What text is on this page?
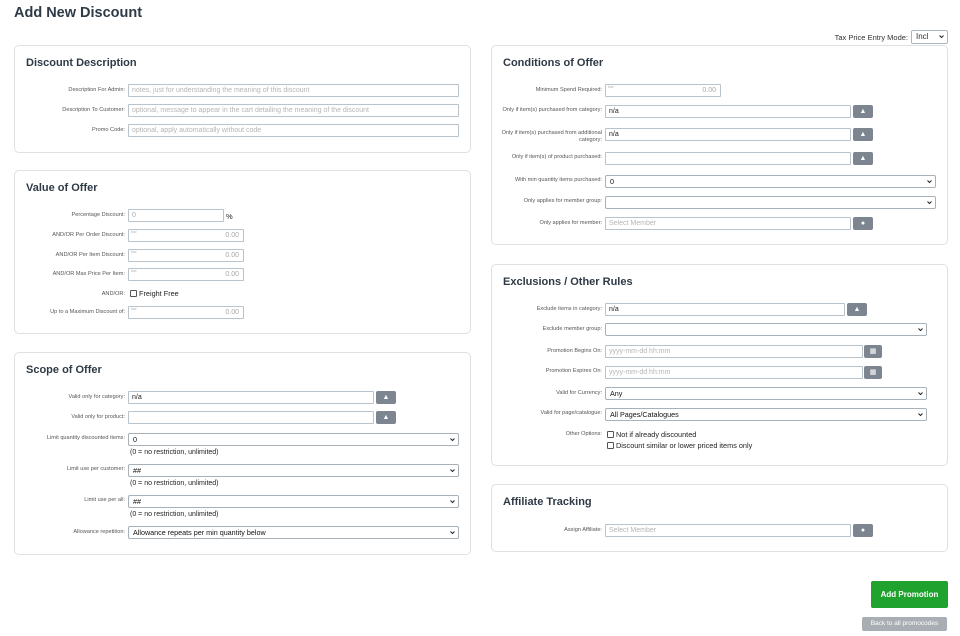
Add New Discount
Tax Price Entry Mode:	Incl
Discount Description
Description For Admin:	notes, just for understanding the meaning of this discount
Description To Customer:	optional, message to appear in the cart detailing the meaning of the discount
Promo Code:	optional, apply automatically without code
Value of Offer
Percentage Discount:	0	%
AND/OR Per Order Discount: Incl	0.00
AND/OR Per Item Discount: Incl	0.00
AND/OR Max Price Per Item: Incl	0.00
AND/OR: Freight Free
Up to a Maximum Discount of: Incl	0.00
Scope of Offer
Valid only for category:	n/a	▲
Valid only for product:	▲
Limit quantity discounted items:	0
(0 = no restriction, unlimited)
Limit use per customer:	##
(0 = no restriction, unlimited)
Limit use per all:	##
(0 = no restriction, unlimited)
Allowance repetition:	Allowance repeats per min quantity below
Conditions of Offer
Minimum Spend Required: Incl	0.00
Only if item(s) purchased from category:	n/a	▲
Only if item(s) purchased from additional category:
n/a	▲
Only if item(s) of product purchased:	▲
With min quantity items purchased:	0
Only applies for member group:
Only applies for member:	Select Member	●
Exclusions / Other Rules
Exclude items in category:	n/a	▲
Exclude member group:
Promotion Begins On:	yyyy-mm-dd hh:mm	▦
Promotion Expires On:	yyyy-mm-dd hh:mm	▦
Valid for Currency:	Any
Valid for page/catalogue:	All Pages/Catalogues
Other Options: Not if already discounted
Discount similar or lower priced items only
Affiliate Tracking
Assign Affiliate:	Select Member	●
Add Promotion
Back to all promocodes
